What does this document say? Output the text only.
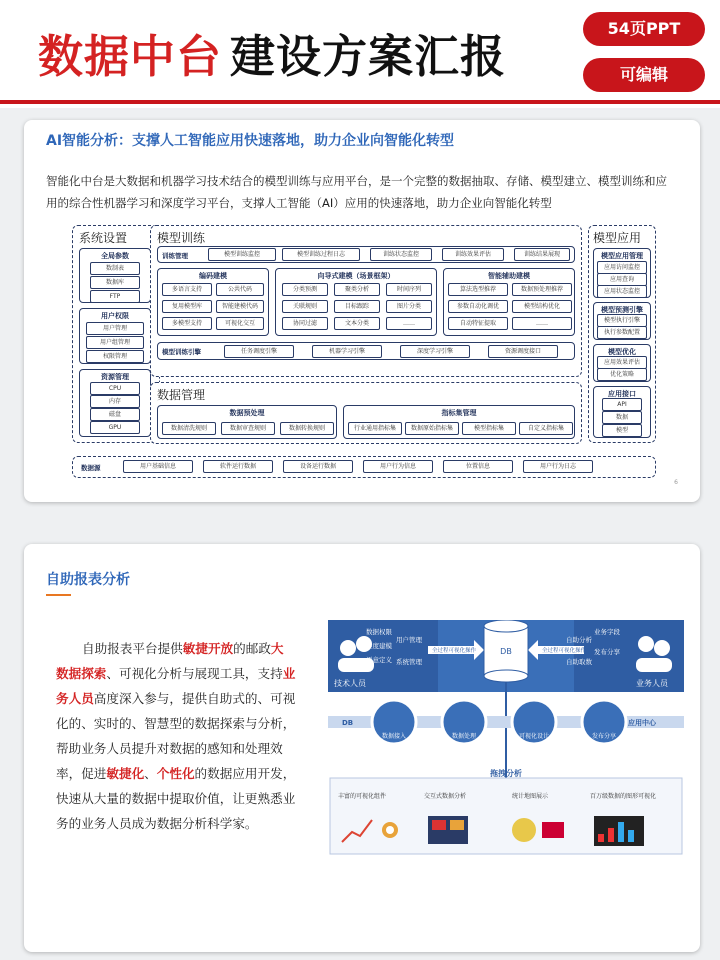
数据中台 建设方案汇报
54页PPT
可编辑
AI智能分析：支撑人工智能应用快速落地，助力企业向智能化转型
智能化中台是大数据和机器学习技术结合的模型训练与应用平台，是一个完整的数据抽取、存储、模型建立、模型训练和应用的综合性机器学习和深度学习平台，支撑人工智能（AI）应用的快速落地，助力企业向智能化转型
系统设置
全局参数
数制表
数据库
FTP
用户权限
用户管理
用户组管理
权限管理
资源管理
CPU
内存
磁盘
GPU
模型训练
训练管理	模型训练监控	模型训练过程日志	训练状态监控	训练效果评估	训练结果展现
编码建模
多语言支持	公共代码
复用模型库	智能建模代码
多模型支持	可视化交互
向导式建模（场景框架）
分类预测	聚类分析	时间序列
关联规则	目标跟踪	图片分类
协同过滤	文本分类	……
智能辅助建模
算法选型推荐	数据预处理推荐
参数自动化调优	模型结构优化
自动特征提取	……
模型训练引擎	任务调度引擎	机器学习引擎	深度学习引擎	资源调度接口
数据管理
数据预处理
数据清洗规则	数据审查规则	数据转换规则
指标集管理
行业通用指标集	数据原始指标集	模型指标集	自定义指标集
模型应用
模型应用管理
应用访问监控
应用查询
应用状态监控
模型预测引擎
模型执行引擎
执行参数配置
模型优化
应用效果评估
优化策略
应用接口
API
数据
模型
数据源	用户基础信息	软件运行数据	设备运行数据	用户行为信息	位置信息	用户行为日志
6
自助报表分析
自助报表平台提供敏捷开放的邮政大数据探索、可视化分析与展现工具，支持业务人员高度深入参与，提供自助式的、可视化的、实时的、智慧型的数据探索与分析，帮助业务人员提升对数据的感知和处理效率，促进敏捷化、个性化的数据应用开发，快速从大量的数据中提取价值，让更熟悉业务的业务人员成为数据分析科学家。
技术人员	业务人员
数据权限
维度建模
语意定义
用户管理
系统管理
业务字段
发布分享
自助分析
自助取数
全过程可视化操作	全过程可视化操作
DB
DB	应用中心
数据接入	数据处理	可视化设计	发布分享
拖拽分析
丰富的可视化组件	交互式数据分析	统计地图展示	百万级数据的图形可视化
